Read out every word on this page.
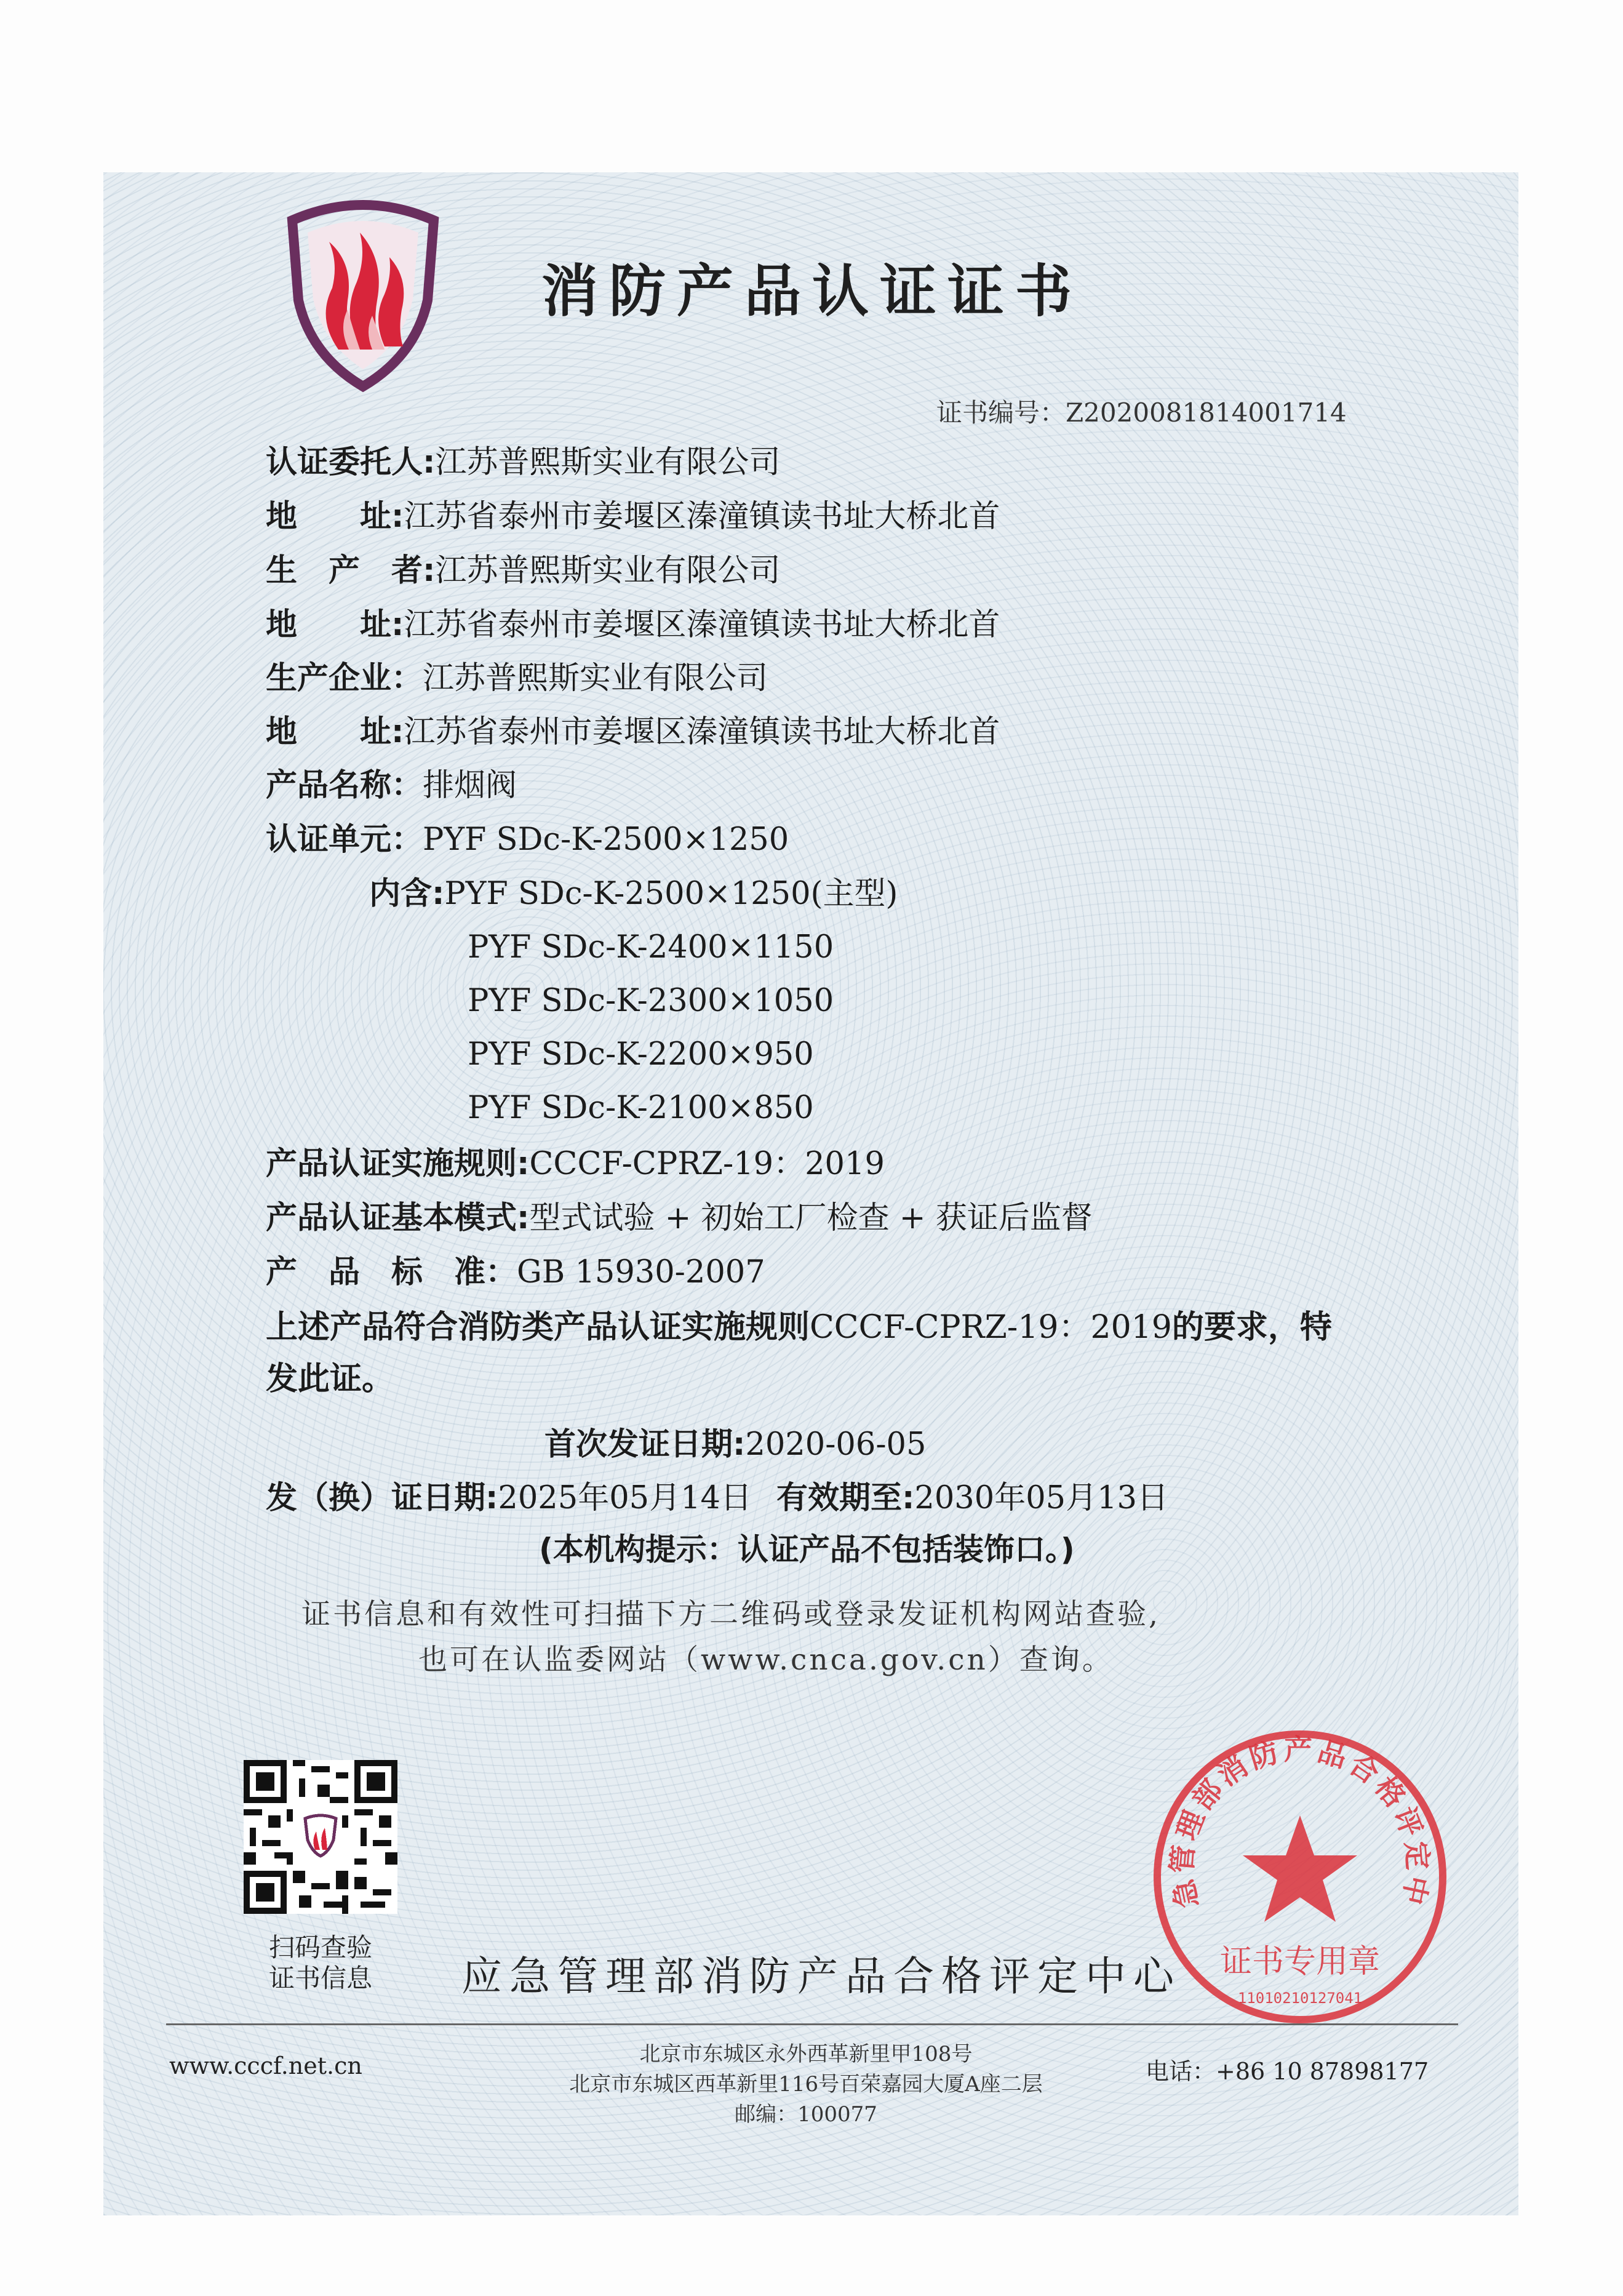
消防产品认证证书
证书编号：Z2020081814001714
认证委托人:江苏普熙斯实业有限公司
地　　址:江苏省泰州市姜堰区溱潼镇读书址大桥北首
生　产　者:江苏普熙斯实业有限公司
地　　址:江苏省泰州市姜堰区溱潼镇读书址大桥北首
生产企业：江苏普熙斯实业有限公司
地　　址:江苏省泰州市姜堰区溱潼镇读书址大桥北首
产品名称：排烟阀
认证单元：PYF SDc-K-2500×1250
内含:PYF SDc-K-2500×1250(主型)
PYF SDc-K-2400×1150
PYF SDc-K-2300×1050
PYF SDc-K-2200×950
PYF SDc-K-2100×850
产品认证实施规则:CCCF-CPRZ-19：2019
产品认证基本模式:型式试验 + 初始工厂检查 + 获证后监督
产　品　标　准：GB 15930-2007
上述产品符合消防类产品认证实施规则CCCF-CPRZ-19：2019的要求，特发此证。
首次发证日期:2020-06-05
发（换）证日期:2025年05月14日 有效期至:2030年05月13日
(本机构提示：认证产品不包括装饰口。)
证书信息和有效性可扫描下方二维码或登录发证机构网站查验,
也可在认监委网站（www.cnca.gov.cn）查询。
扫码查验
证书信息	应急管理部消防产品合格评定中心
急管理部消防产品合格评定中
证书专用章
11010210127041
www.cccf.net.cn	北京市东城区永外西革新里甲108号
北京市东城区西革新里116号百荣嘉园大厦A座二层
邮编：100077
电话：+86 10 87898177
